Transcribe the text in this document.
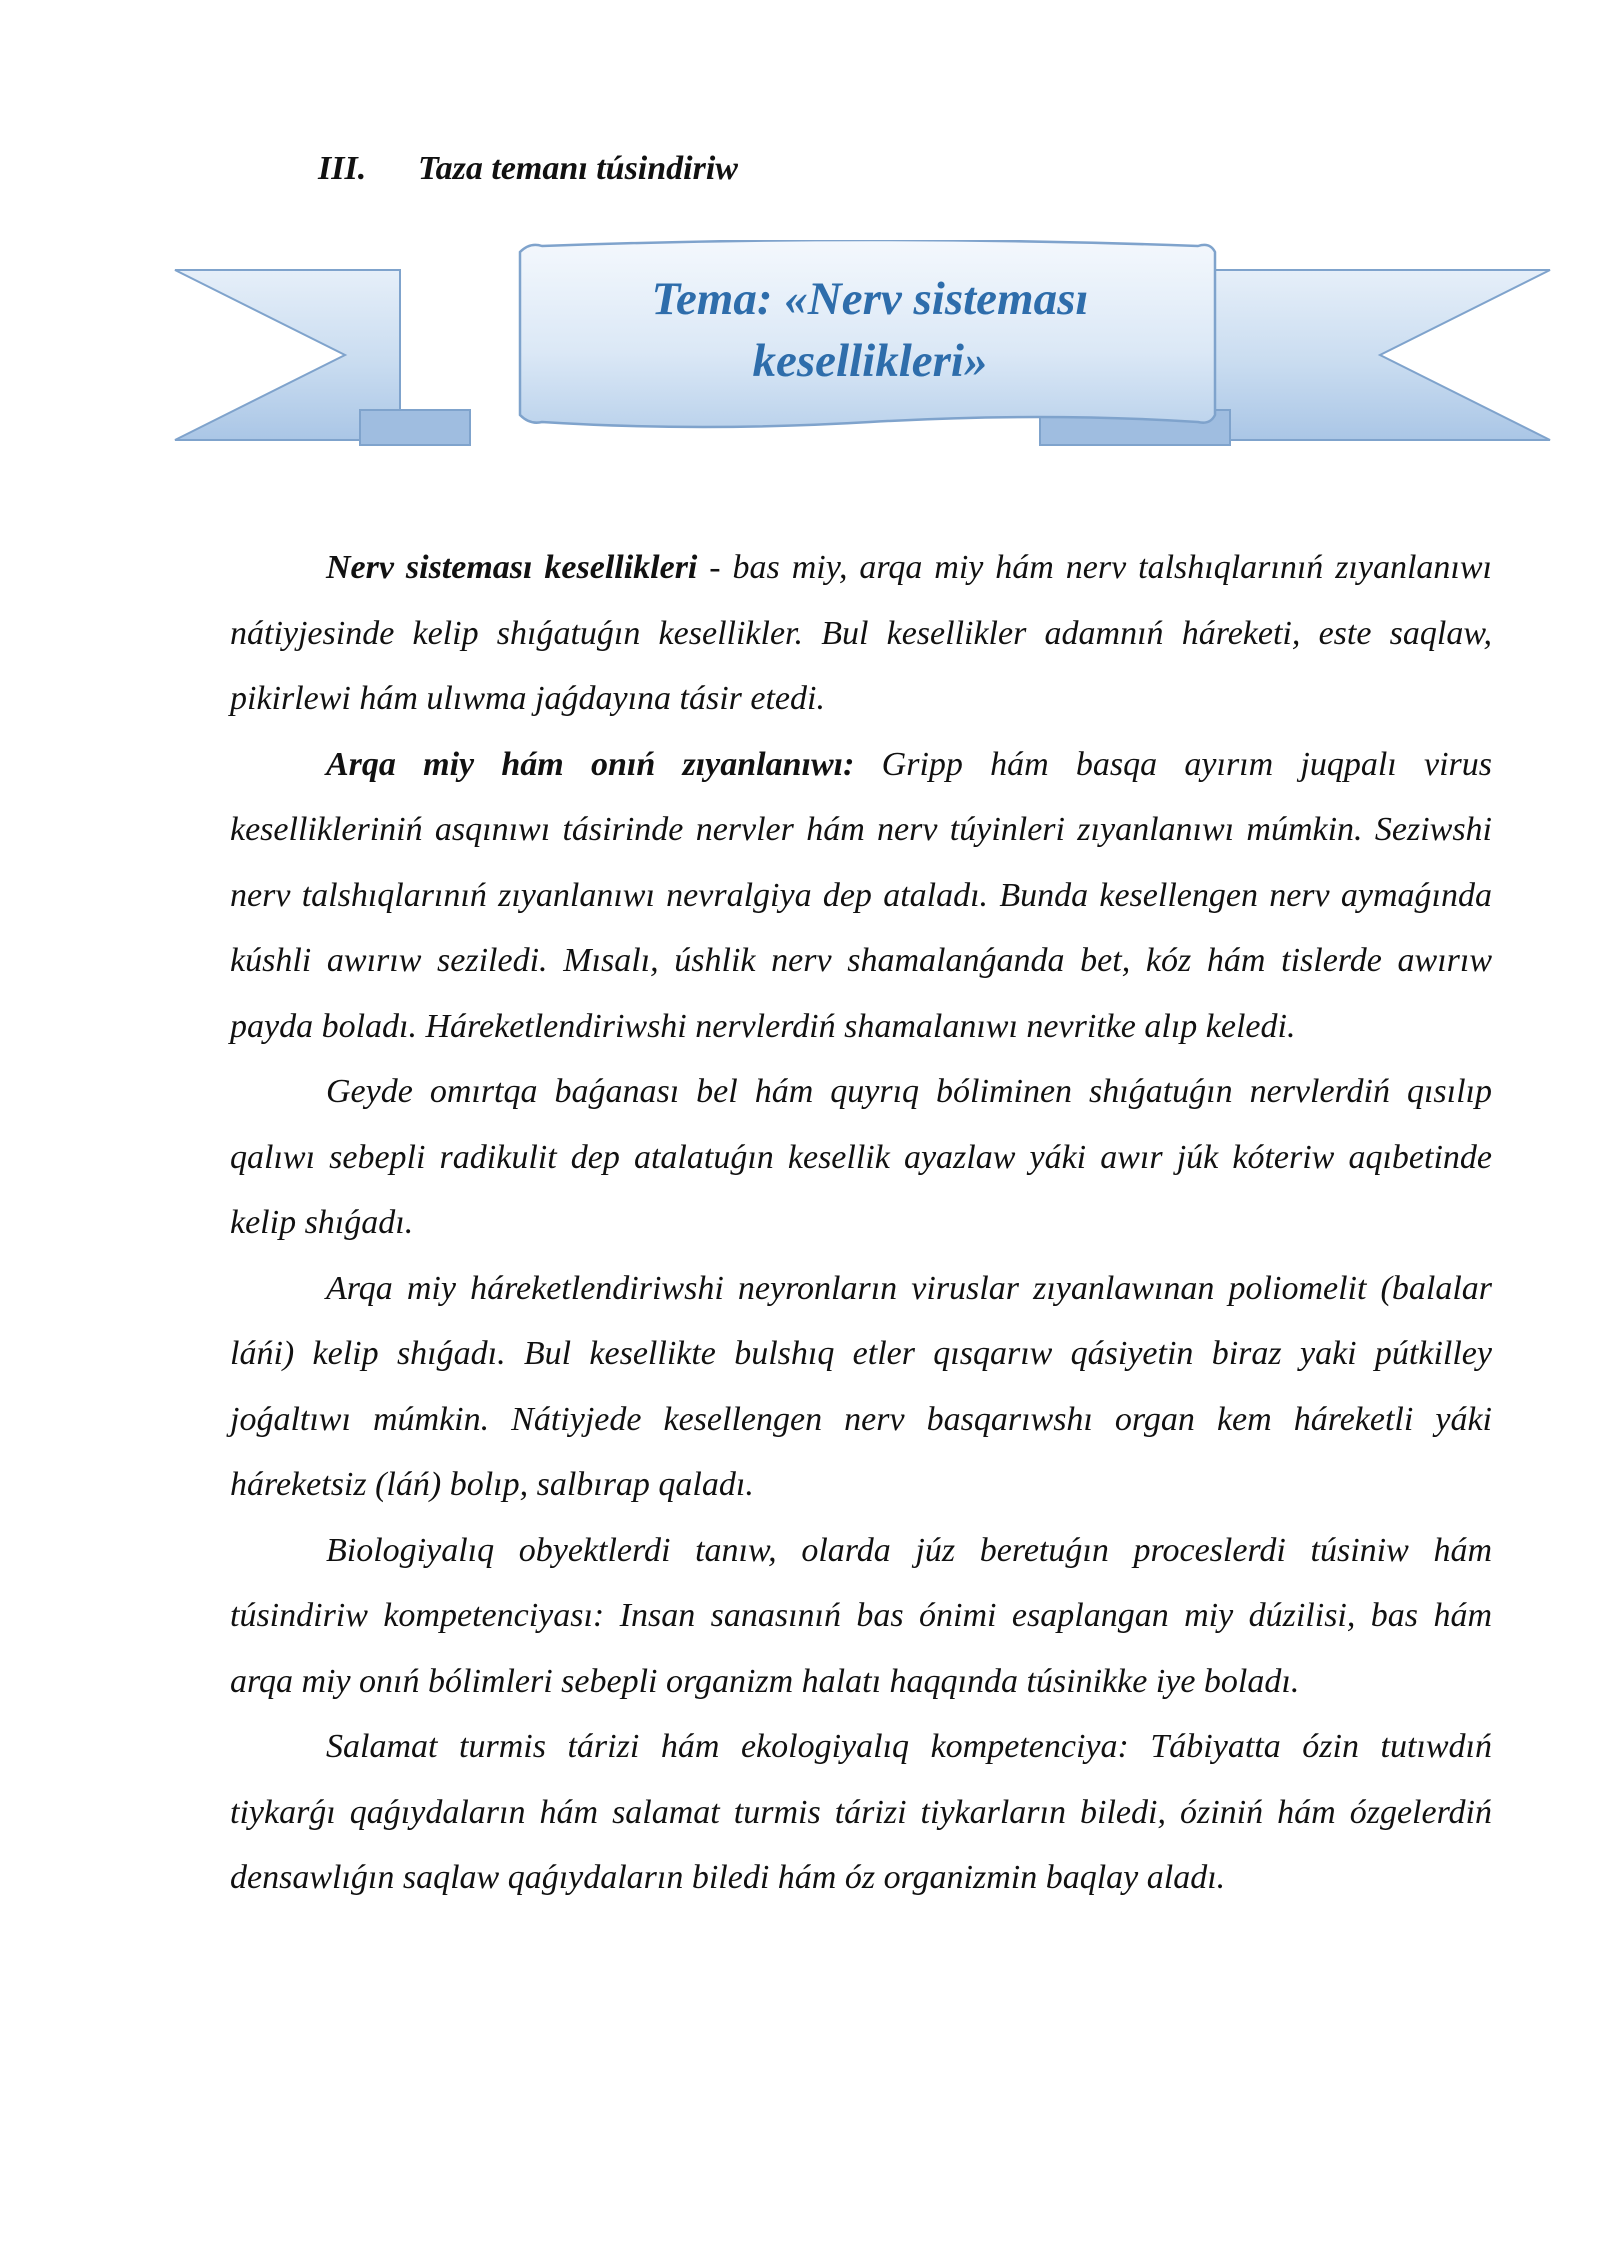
III. Taza temanı túsindiriw
Tema: «Nerv sisteması
kesellikleri»

Nerv sisteması kesellikleri - bas miy, arqa miy hám nerv talshıqlarınıń zıyanlanıwı nátiyjesinde kelip shıǵatuǵın kesellikler. Bul kesellikler adamnıń háreketi, este saqlaw, pikirlewi hám ulıwma jaǵdayına tásir etedi.

Arqa miy hám onıń zıyanlanıwı: Gripp hám basqa ayırım juqpalı virus kesellikleriniń asqınıwı tásirinde nervler hám nerv túyinleri zıyanlanıwı múmkin. Seziwshi nerv talshıqlarınıń zıyanlanıwı nevralgiya dep ataladı. Bunda kesellengen nerv aymaǵında kúshli awırıw seziledi. Mısalı, úshlik nerv shamalanǵanda bet, kóz hám tislerde awırıw payda boladı. Háreketlendiriwshi nervlerdiń shamalanıwı nevritke alıp keledi.

Geyde omırtqa baǵanası bel hám quyrıq bóliminen shıǵatuǵın nervlerdiń qısılıp qalıwı sebepli radikulit dep atalatuǵın kesellik ayazlaw yáki awır júk kóteriw aqıbetinde kelip shıǵadı.

Arqa miy háreketlendiriwshi neyronların viruslar zıyanlawınan poliomelit (balalar láńi) kelip shıǵadı. Bul kesellikte bulshıq etler qısqarıw qásiyetin biraz yaki pútkilley joǵaltıwı múmkin. Nátiyjede kesellengen nerv basqarıwshı organ kem háreketli yáki háreketsiz (láń) bolıp, salbırap qaladı.

Biologiyalıq obyektlerdi tanıw, olarda júz beretuǵın proceslerdi túsiniw hám túsindiriw kompetenciyası: Insan sanasınıń bas ónimi esaplangan miy dúzilisi, bas hám arqa miy onıń bólimleri sebepli organizm halatı haqqında túsinikke iye boladı.

Salamat turmis tárizi hám ekologiyalıq kompetenciya: Tábiyatta ózin tutıwdıń tiykarǵı qaǵıydaların hám salamat turmis tárizi tiykarların biledi, óziniń hám ózgelerdiń densawlıǵın saqlaw qaǵıydaların biledi hám óz organizmin baqlay aladı.
